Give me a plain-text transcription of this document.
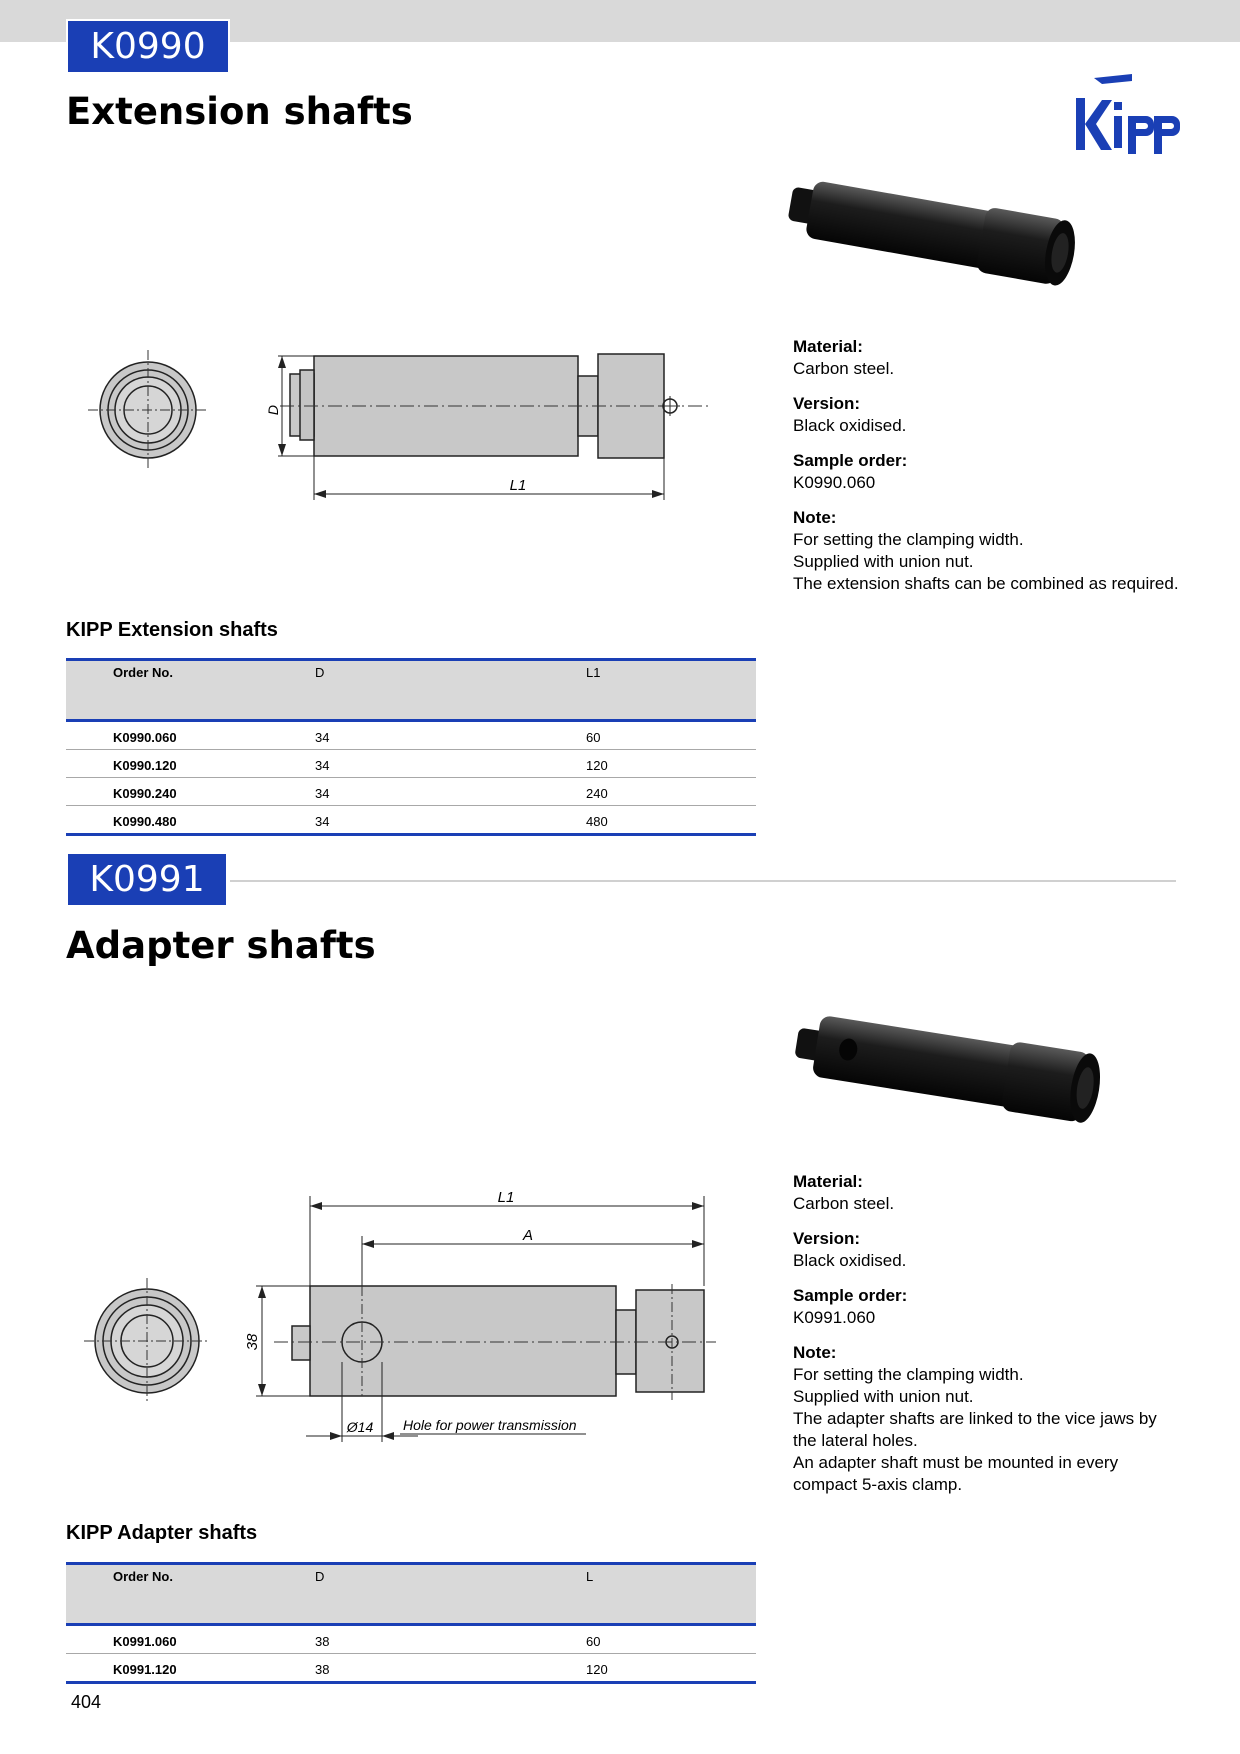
K0990
Extension shafts
D
L1
Material:
Carbon steel.
Version:
Black oxidised.
Sample order:
K0990.060
Note:
For setting the clamping width.
Supplied with union nut.
The extension shafts can be combined as required.
KIPP Extension shafts
Order No.	D	L1
K0990.060	34	60
K0990.120	34	120
K0990.240	34	240
K0990.480	34	480
K0991
Adapter shafts
L1
A
38
Ø14 Hole for power transmission
Material:
Carbon steel.
Version:
Black oxidised.
Sample order:
K0991.060
Note:
For setting the clamping width.
Supplied with union nut.
The adapter shafts are linked to the vice jaws by
the lateral holes.
An adapter shaft must be mounted in every
compact 5-axis clamp.
KIPP Adapter shafts
Order No.	D	L
K0991.060	38	60
K0991.120	38	120
404
